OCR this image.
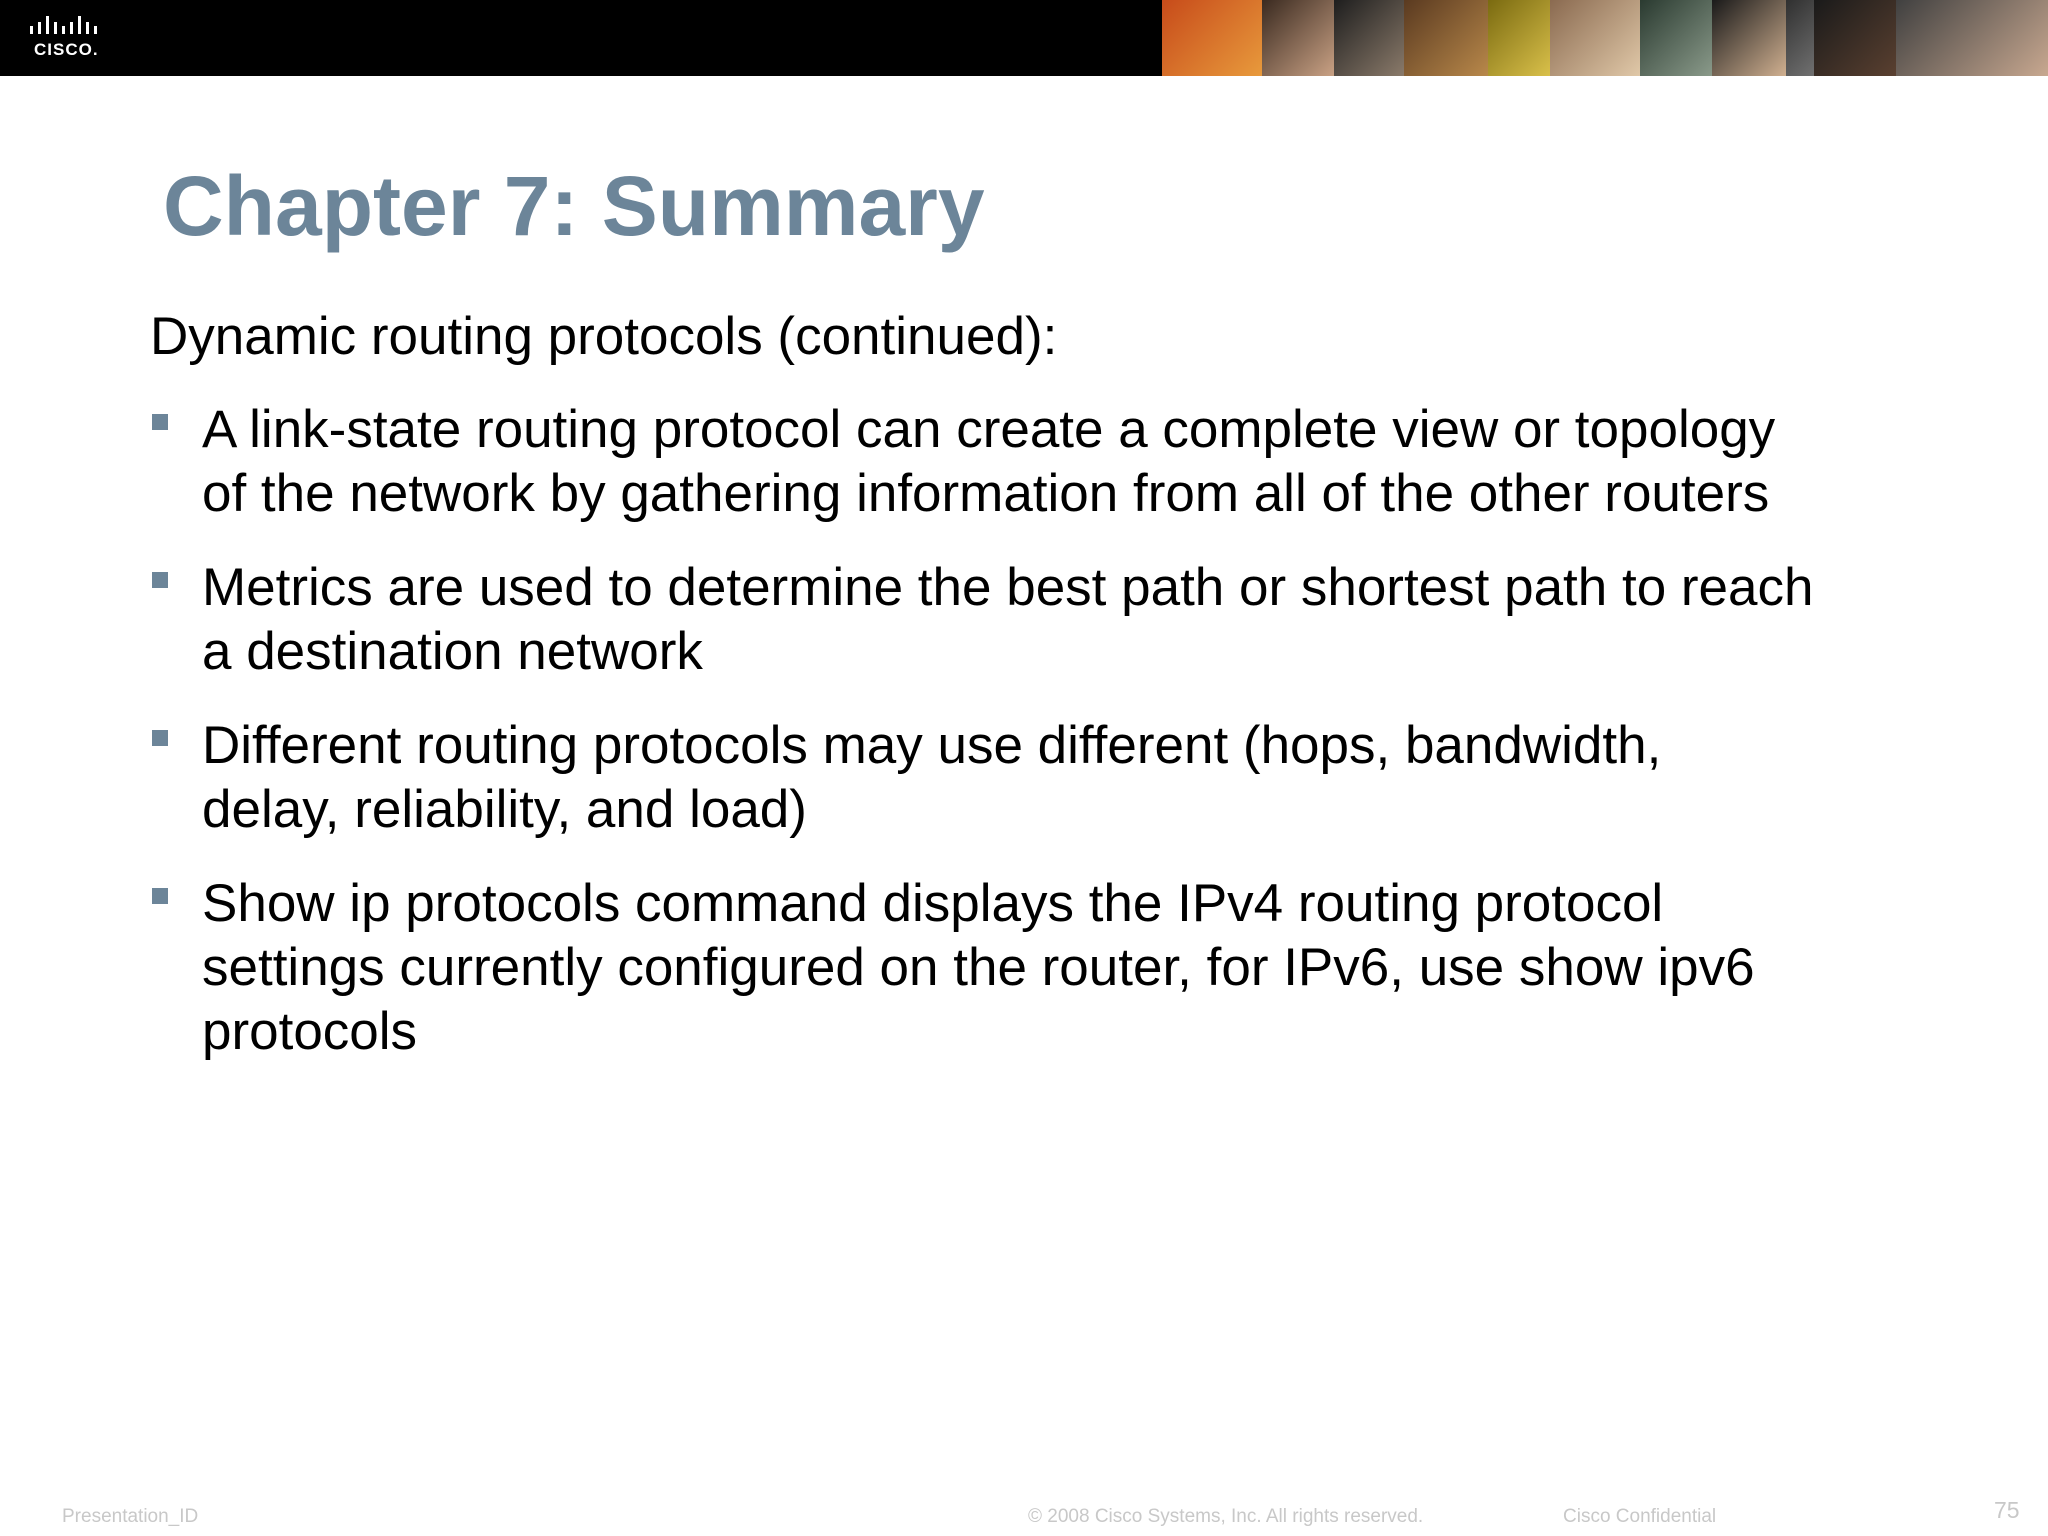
CISCO.
Chapter 7: Summary

Dynamic routing protocols (continued):

A link-state routing protocol can create a complete view or topology
of the network by gathering information from all of the other routers
Metrics are used to determine the best path or shortest path to reach
a destination network
Different routing protocols may use different (hops, bandwidth,
delay, reliability, and load)
Show ip protocols command displays the IPv4 routing protocol
settings currently configured on the router, for IPv6, use show ipv6
protocols
Presentation_ID	© 2008 Cisco Systems, Inc. All rights reserved.	Cisco Confidential	75
